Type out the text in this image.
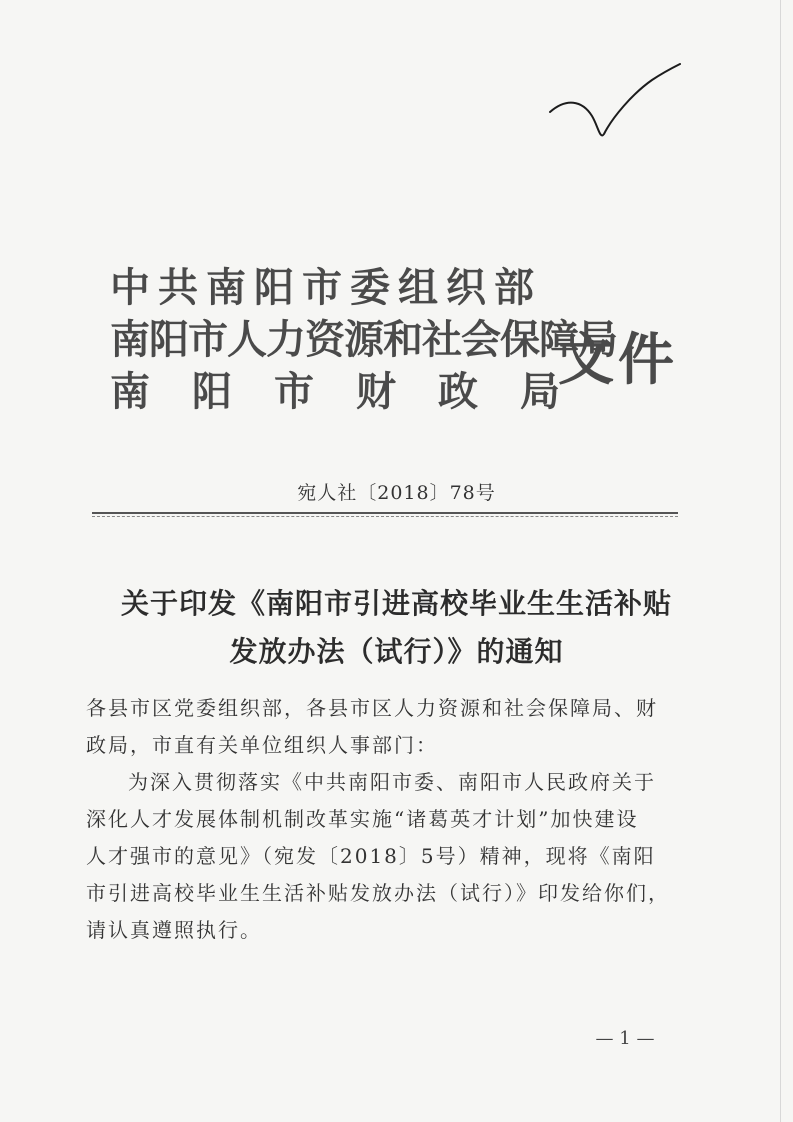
中共南阳市委组织部
南阳市人力资源和社会保障局
南阳市财政局
文件
宛人社〔2018〕78号
关于印发《南阳市引进高校毕业生生活补贴
发放办法（试行）》的通知
各县市区党委组织部，各县市区人力资源和社会保障局、财
政局，市直有关单位组织人事部门：
为深入贯彻落实《中共南阳市委、南阳市人民政府关于
深化人才发展体制机制改革实施“诸葛英才计划”加快建设
人才强市的意见》（宛发〔2018〕5号）精神，现将《南阳
市引进高校毕业生生活补贴发放办法（试行）》印发给你们，
请认真遵照执行。
— 1 —
